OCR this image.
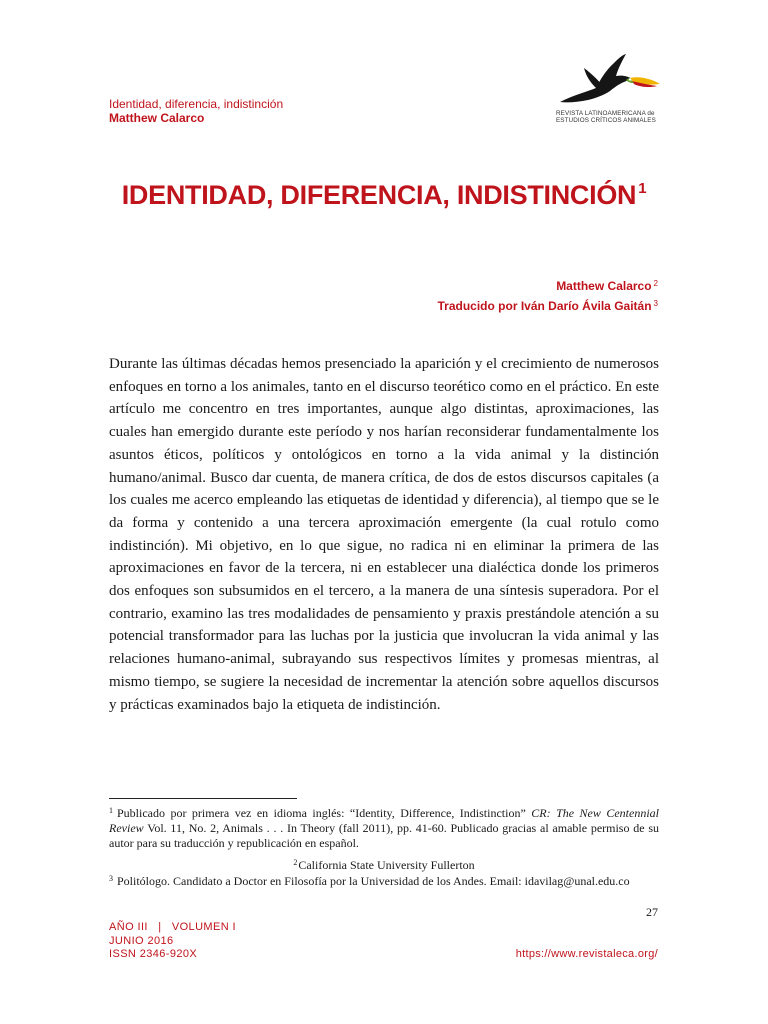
Identidad, diferencia, indistinción
Matthew Calarco	REVISTA LATINOAMERICANA de
ESTUDIOS CRÍTICOS ANIMALES
IDENTIDAD, DIFERENCIA, INDISTINCIÓN $^1$
Matthew Calarco $^2$
Traducido por Iván Darío Ávila Gaitán $^3$
Durante las últimas décadas hemos presenciado la aparición y el crecimiento de numerosos enfoques en torno a los animales, tanto en el discurso teorético como en el práctico. En este artículo me concentro en tres importantes, aunque algo distintas, aproximaciones, las cuales han emergido durante este período y nos harían reconsiderar fundamentalmente los asuntos éticos, políticos y ontológicos en torno a la vida animal y la distinción humano/animal. Busco dar cuenta, de manera crítica, de dos de estos discursos capitales (a los cuales me acerco empleando las etiquetas de identidad y diferencia), al tiempo que se le da forma y contenido a una tercera aproximación emergente (la cual rotulo como indistinción). Mi objetivo, en lo que sigue, no radica ni en eliminar la primera de las aproximaciones en favor de la tercera, ni en establecer una dialéctica donde los primeros dos enfoques son subsumidos en el tercero, a la manera de una síntesis superadora. Por el contrario, examino las tres modalidades de pensamiento y praxis prestándole atención a su potencial transformador para las luchas por la justicia que involucran la vida animal y las relaciones humano-animal, subrayando sus respectivos límites y promesas mientras, al mismo tiempo, se sugiere la necesidad de incrementar la atención sobre aquellos discursos y prácticas examinados bajo la etiqueta de indistinción.
$^1$ Publicado por primera vez en idioma inglés: “Identity, Difference, Indistinction” CR: The New Centennial Review Vol. 11, No. 2, Animals . . . In Theory (fall 2011), pp. 41-60. Publicado gracias al amable permiso de su autor para su traducción y republicación en español.
$^2$California State University Fullerton
$^3$ Politólogo. Candidato a Doctor en Filosofía por la Universidad de los Andes. Email: idavilag@unal.edu.co
27
AÑO III   |   VOLUMEN I
JUNIO 2016
ISSN 2346-920X	https://www.revistaleca.org/
